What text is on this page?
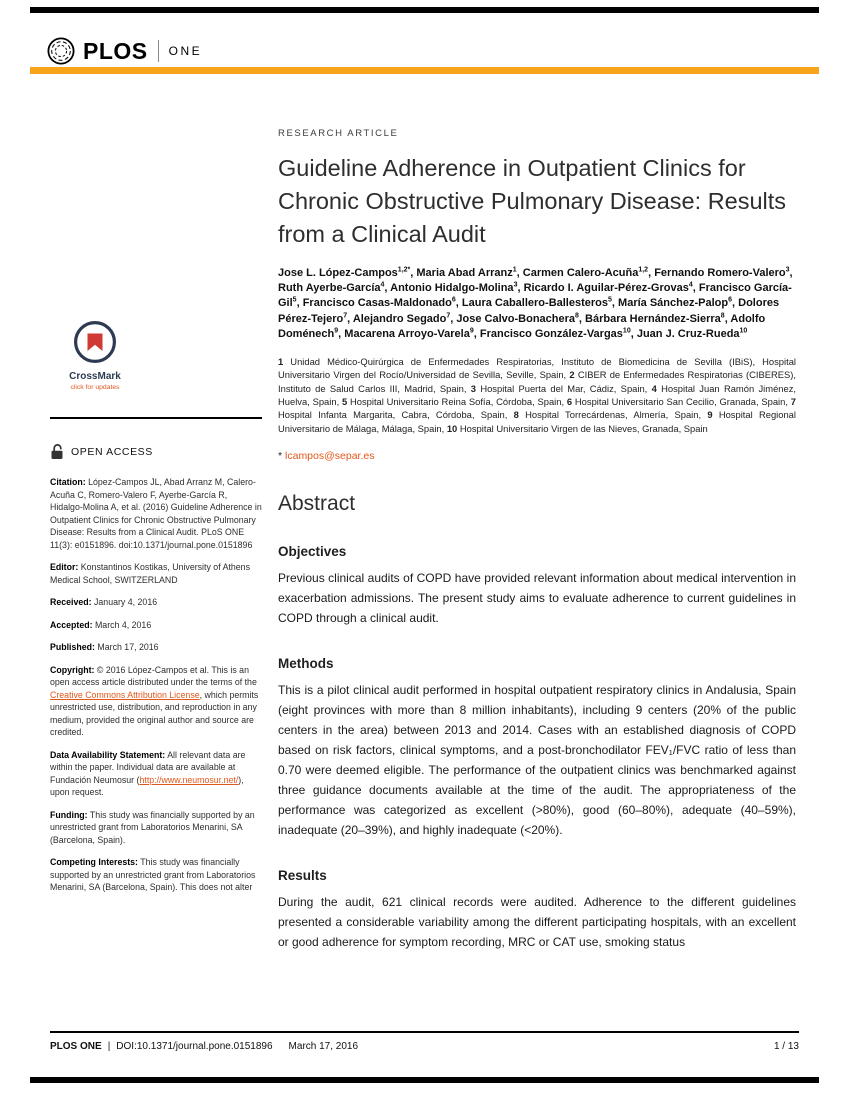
PLOS ONE
CrossMark
click for updates
OPEN ACCESS

Citation: López-Campos JL, Abad Arranz M, Calero-Acuña C, Romero-Valero F, Ayerbe-García R, Hidalgo-Molina A, et al. (2016) Guideline Adherence in Outpatient Clinics for Chronic Obstructive Pulmonary Disease: Results from a Clinical Audit. PLoS ONE 11(3): e0151896. doi:10.1371/journal.pone.0151896

Editor: Konstantinos Kostikas, University of Athens Medical School, SWITZERLAND

Received: January 4, 2016

Accepted: March 4, 2016

Published: March 17, 2016

Copyright: © 2016 López-Campos et al. This is an open access article distributed under the terms of the Creative Commons Attribution License, which permits unrestricted use, distribution, and reproduction in any medium, provided the original author and source are credited.

Data Availability Statement: All relevant data are within the paper. Individual data are available at Fundación Neumosur (http://www.neumosur.net/), upon request.

Funding: This study was financially supported by an unrestricted grant from Laboratorios Menarini, SA (Barcelona, Spain).

Competing Interests: This study was financially supported by an unrestricted grant from Laboratorios Menarini, SA (Barcelona, Spain). This does not alter

RESEARCH ARTICLE
Guideline Adherence in Outpatient Clinics for Chronic Obstructive Pulmonary Disease: Results from a Clinical Audit

Jose L. López-Campos$^{1,2*}$, Maria Abad Arranz$^1$, Carmen Calero-Acuña$^{1,2}$, Fernando Romero-Valero$^3$, Ruth Ayerbe-García$^4$, Antonio Hidalgo-Molina$^3$, Ricardo I. Aguilar-Pérez-Grovas$^4$, Francisco García-Gil$^5$, Francisco Casas-Maldonado$^6$, Laura Caballero-Ballesteros$^5$, María Sánchez-Palop$^6$, Dolores Pérez-Tejero$^7$, Alejandro Segado$^7$, Jose Calvo-Bonachera$^8$, Bárbara Hernández-Sierra$^8$, Adolfo Doménech$^9$, Macarena Arroyo-Varela$^9$, Francisco González-Vargas$^{10}$, Juan J. Cruz-Rueda$^{10}$

1 Unidad Médico-Quirúrgica de Enfermedades Respiratorias, Instituto de Biomedicina de Sevilla (IBiS), Hospital Universitario Virgen del Rocío/Universidad de Sevilla, Seville, Spain, 2 CIBER de Enfermedades Respiratorias (CIBERES), Instituto de Salud Carlos III, Madrid, Spain, 3 Hospital Puerta del Mar, Cádiz, Spain, 4 Hospital Juan Ramón Jiménez, Huelva, Spain, 5 Hospital Universitario Reina Sofía, Córdoba, Spain, 6 Hospital Universitario San Cecilio, Granada, Spain, 7 Hospital Infanta Margarita, Cabra, Córdoba, Spain, 8 Hospital Torrecárdenas, Almería, Spain, 9 Hospital Regional Universitario de Málaga, Málaga, Spain, 10 Hospital Universitario Virgen de las Nieves, Granada, Spain

* lcampos@separ.es

Abstract
Objectives

Previous clinical audits of COPD have provided relevant information about medical intervention in exacerbation admissions. The present study aims to evaluate adherence to current guidelines in COPD through a clinical audit.

Methods

This is a pilot clinical audit performed in hospital outpatient respiratory clinics in Andalusia, Spain (eight provinces with more than 8 million inhabitants), including 9 centers (20% of the public centers in the area) between 2013 and 2014. Cases with an established diagnosis of COPD based on risk factors, clinical symptoms, and a post-bronchodilator FEV₁/FVC ratio of less than 0.70 were deemed eligible. The performance of the outpatient clinics was benchmarked against three guidance documents available at the time of the audit. The appropriateness of the performance was categorized as excellent (>80%), good (60–80%), adequate (40–59%), inadequate (20–39%), and highly inadequate (<20%).

Results

During the audit, 621 clinical records were audited. Adherence to the different guidelines presented a considerable variability among the different participating hospitals, with an excellent or good adherence for symptom recording, MRC or CAT use, smoking status

PLOS ONE | DOI:10.1371/journal.pone.0151896 March 17, 2016	1 / 13
